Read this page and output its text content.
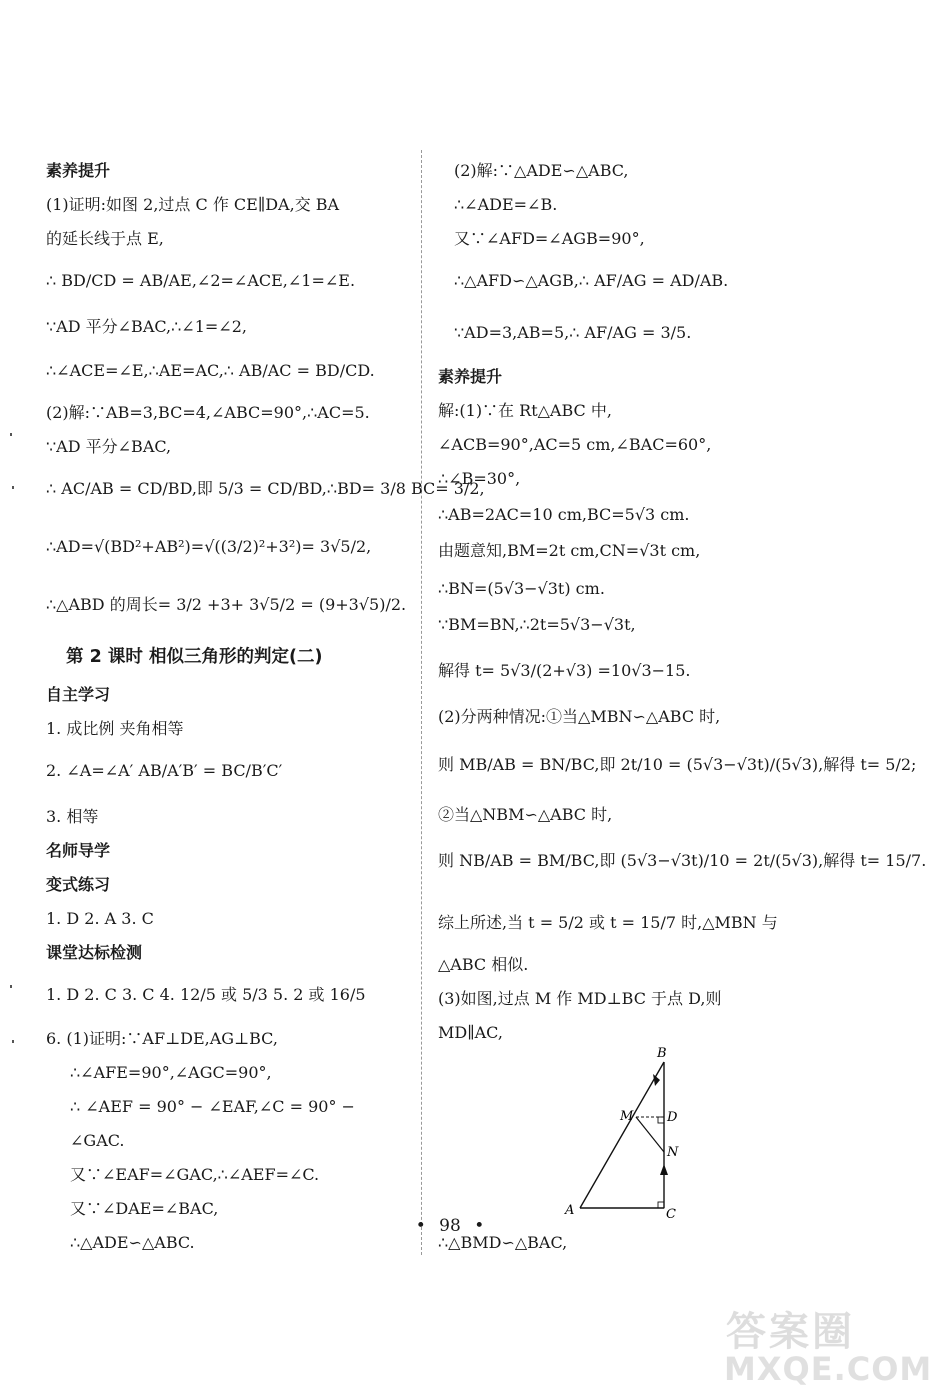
素养提升
(1)证明:如图 2,过点 C 作 CE∥DA,交 BA
的延长线于点 E,
∴ BD/CD = AB/AE,∠2=∠ACE,∠1=∠E.
∵AD 平分∠BAC,∴∠1=∠2,
∴∠ACE=∠E,∴AE=AC,∴ AB/AC = BD/CD.
(2)解:∵AB=3,BC=4,∠ABC=90°,∴AC=5.
∵AD 平分∠BAC,
∴ AC/AB = CD/BD,即 5/3 = CD/BD,∴BD= 3/8 BC= 3/2,
∴AD=√(BD²+AB²)=√((3/2)²+3²)= 3√5/2,
∴△ABD 的周长= 3/2 +3+ 3√5/2 = (9+3√5)/2.
第 2 课时 相似三角形的判定(二)
自主学习
1. 成比例 夹角相等
2. ∠A=∠A′ AB/A′B′ = BC/B′C′
3. 相等
名师导学
变式练习
1. D 2. A 3. C
课堂达标检测
1. D 2. C 3. C 4. 12/5 或 5/3 5. 2 或 16/5
6. (1)证明:∵AF⊥DE,AG⊥BC,
∴∠AFE=90°,∠AGC=90°,
∴ ∠AEF = 90° − ∠EAF,∠C = 90° −
∠GAC.
又∵∠EAF=∠GAC,∴∠AEF=∠C.
又∵∠DAE=∠BAC,
∴△ADE∽△ABC.
(2)解:∵△ADE∽△ABC,
∴∠ADE=∠B.
又∵∠AFD=∠AGB=90°,
∴△AFD∽△AGB,∴ AF/AG = AD/AB.
∵AD=3,AB=5,∴ AF/AG = 3/5.
素养提升
解:(1)∵在 Rt△ABC 中,
∠ACB=90°,AC=5 cm,∠BAC=60°,
∴∠B=30°,
∴AB=2AC=10 cm,BC=5√3 cm.
由题意知,BM=2t cm,CN=√3t cm,
∴BN=(5√3−√3t) cm.
∵BM=BN,∴2t=5√3−√3t,
解得 t= 5√3/(2+√3) =10√3−15.
(2)分两种情况:①当△MBN∽△ABC 时,
则 MB/AB = BN/BC,即 2t/10 = (5√3−√3t)/(5√3),解得 t= 5/2;
②当△NBM∽△ABC 时,
则 NB/AB = BM/BC,即 (5√3−√3t)/10 = 2t/(5√3),解得 t= 15/7.
综上所述,当 t = 5/2 或 t = 15/7 时,△MBN 与
△ABC 相似.
(3)如图,过点 M 作 MD⊥BC 于点 D,则
MD∥AC,
∴△BMD∽△BAC,
B
M	D
N
A	C
• 98 •
答案圈
MXQE.COM
